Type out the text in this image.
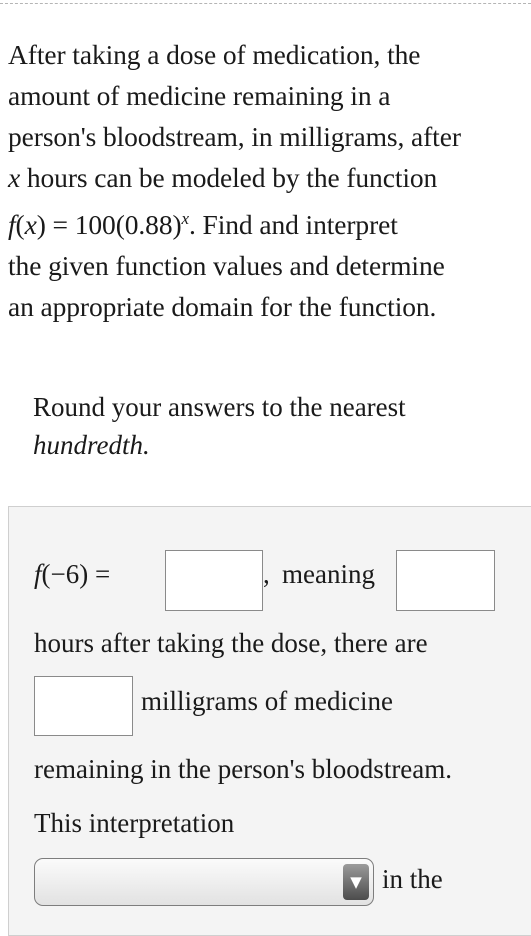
After taking a dose of medication, the
amount of medicine remaining in a
person's bloodstream, in milligrams, after
x hours can be modeled by the function
$f(x) = 100(0.88)^x$. Find and interpret
the given function values and determine
an appropriate domain for the function.
Round your answers to the nearest
hundredth.
f(−6) =	, meaning
hours after taking the dose, there are
milligrams of medicine
remaining in the person's bloodstream.
This interpretation
▼ in the
